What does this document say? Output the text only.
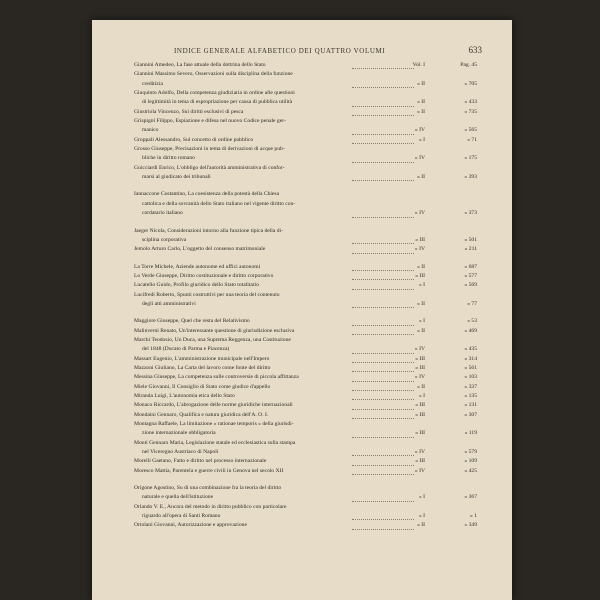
INDICE GENERALE ALFABETICO DEI QUATTRO VOLUMI	633
Giannini Amedeo, La fase attuale della dottrina dello Stato	Vol. I	Pag. 45
Giannini Massimo Severo, Osservazioni sulla disciplina della funzione
creditizia	» II	» 705
Giuquinto Adolfo, Della competenza giudiziaria in ordine alle questioni
di legittimità in tema di espropriazione per causa di pubblica utilità	» II	» 433
Giustriola Vincenzo, Sui diritti esclusivi di pesca	» II	» 735
Grispigni Filippo, Espiazione e difesa nel nuovo Codice penale ger-
manico	» IV	» 565
Groppali Alessandro, Sul concetto di ordine pubblico	» I	» 71
Grosso Giuseppe, Precisazioni in tema di derivazioni di acque pub-
bliche in diritto romano	» IV	» 175
Guicciardi Enrico, L'obbligo dell'autorità amministrativa di confor-
marsi al giudicato dei tribunali	» II	» 393
Iannaccone Costantino, La coesistenza della potestà della Chiesa
cattolica e della sovranità dello Stato italiano nel vigente diritto con-
cordatario italiano	» IV	» 373
Jaeger Nicola, Considerazioni intorno alla funzione tipica della di-
sciplina corporativa	» III	» 501
Jemolo Arturo Carlo, L'oggetto del consenso matrimoniale	» IV	» 211
La Torre Michele, Aziende autonome ed uffici autonomi	» II	» 687
Lo Verde Giuseppe, Diritto costituzionale e diritto corporativo	» III	» 577
Lucatello Guido, Profilo giuridico dello Stato totalitario	» I	» 569
Lucifredi Roberto, Spunti costruttivi per una teoria del contenuto
degli atti amministrativi	» II	» 77
Maggiore Giuseppe, Quel che resta del Relativismo	» I	» 53
Malinverni Renato, Un'interessante questione di giurisdizione esclusiva	» II	» 469
Marchi Teodosio, Un Duca, una Suprema Reggenza, una Costituzione
del 1848 (Ducato di Parma e Piacenza)	» IV	» 435
Massart Eugenio, L'amministrazione municipale nell'Impero	» III	» 314
Mazzoni Giuliano, La Carta del lavoro come fonte del diritto	» III	» 561
Messina Giuseppe, La competenza sulle controversie di piccola affittanza	» IV	» 103
Miele Giovanni, Il Consiglio di Stato come giudice d'appello	» II	» 337
Miranda Luigi, L'autonomia etica dello Stato	» I	» 135
Monaco Riccardo, L'abrogazione delle norme giuridiche internazionali	» III	» 131
Mondaini Gennaro, Qualifica e natura giuridica dell'A. O. I.	» III	» 307
Montagna Raffaele, La limitazione « rationae temporis » della giurisdi-
zione internazionale obbligatoria	» III	» 119
Monti Gennaro Maria, Legislazione statale ed ecclesiastica sulla stampa
nel Viceregno Austriaco di Napoli	» IV	» 579
Morelli Gaetano, Fatto e diritto nel processo internazionale	» III	» 109
Moresco Mattia, Parentela e guerre civili in Genova nel secolo XII	» IV	» 425
Origone Agostino, Su di una combinazione fra la teoria del diritto
naturale e quella dell'istituzione	» I	» 367
Orlando V. E., Ancora del metodo in diritto pubblico con particolare
riguardo all'opera di Santi Romano	» I	» 1
Ortolani Giovanni, Autorizzazione e approvazione	» II	» 349
